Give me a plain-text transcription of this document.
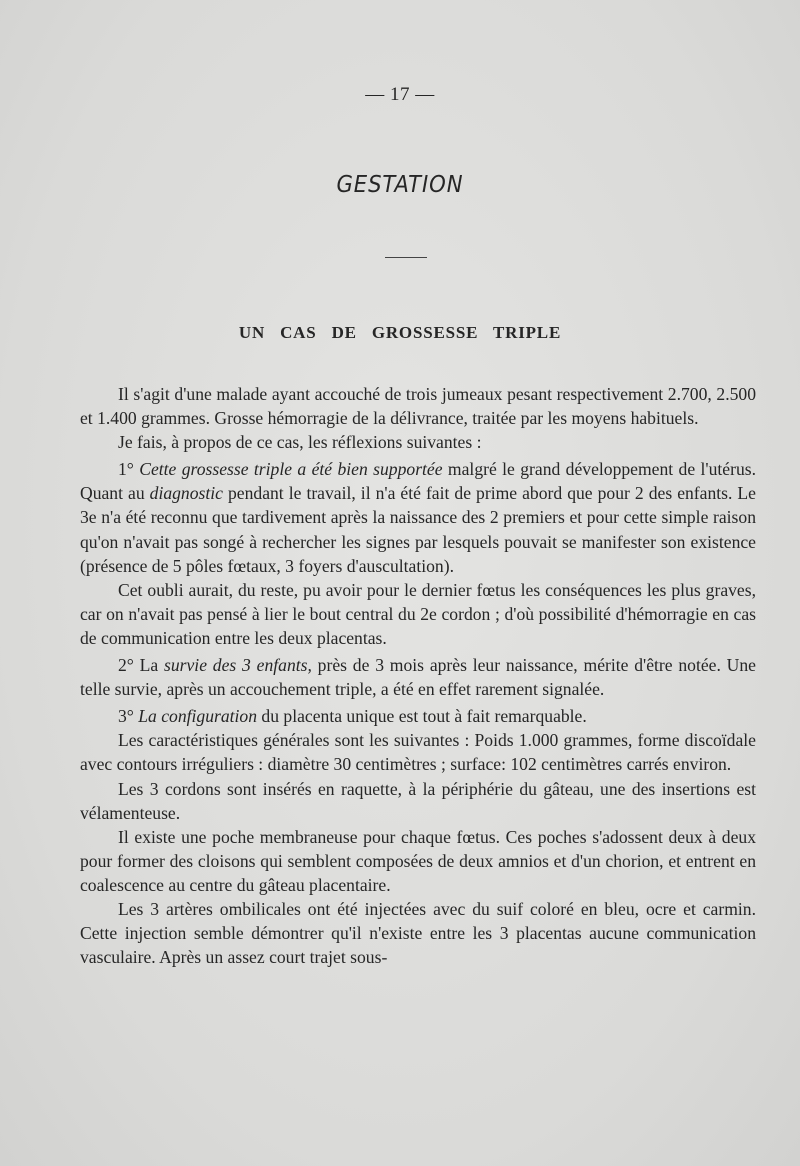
— 17 —
GESTATION
UN CAS DE GROSSESSE TRIPLE

Il s'agit d'une malade ayant accouché de trois jumeaux pesant respectivement 2.700, 2.500 et 1.400 grammes. Grosse hémorragie de la délivrance, traitée par les moyens habituels.

Je fais, à propos de ce cas, les réflexions suivantes :

1° Cette grossesse triple a été bien supportée malgré le grand développement de l'utérus. Quant au diagnostic pendant le travail, il n'a été fait de prime abord que pour 2 des enfants. Le 3e n'a été reconnu que tardivement après la naissance des 2 premiers et pour cette simple raison qu'on n'avait pas songé à rechercher les signes par lesquels pouvait se manifester son existence (présence de 5 pôles fœtaux, 3 foyers d'auscultation).

Cet oubli aurait, du reste, pu avoir pour le dernier fœtus les conséquences les plus graves, car on n'avait pas pensé à lier le bout central du 2e cordon ; d'où possibilité d'hémorragie en cas de communication entre les deux placentas.

2° La survie des 3 enfants, près de 3 mois après leur naissance, mérite d'être notée. Une telle survie, après un accouchement triple, a été en effet rarement signalée.

3° La configuration du placenta unique est tout à fait remarquable.

Les caractéristiques générales sont les suivantes : Poids 1.000 grammes, forme discoïdale avec contours irréguliers : diamètre 30 centimètres ; surface: 102 centimètres carrés environ.

Les 3 cordons sont insérés en raquette, à la périphérie du gâteau, une des insertions est vélamenteuse.

Il existe une poche membraneuse pour chaque fœtus. Ces poches s'adossent deux à deux pour former des cloisons qui semblent composées de deux amnios et d'un chorion, et entrent en coalescence au centre du gâteau placentaire.

Les 3 artères ombilicales ont été injectées avec du suif coloré en bleu, ocre et carmin. Cette injection semble démontrer qu'il n'existe entre les 3 placentas aucune communication vasculaire. Après un assez court trajet sous-
